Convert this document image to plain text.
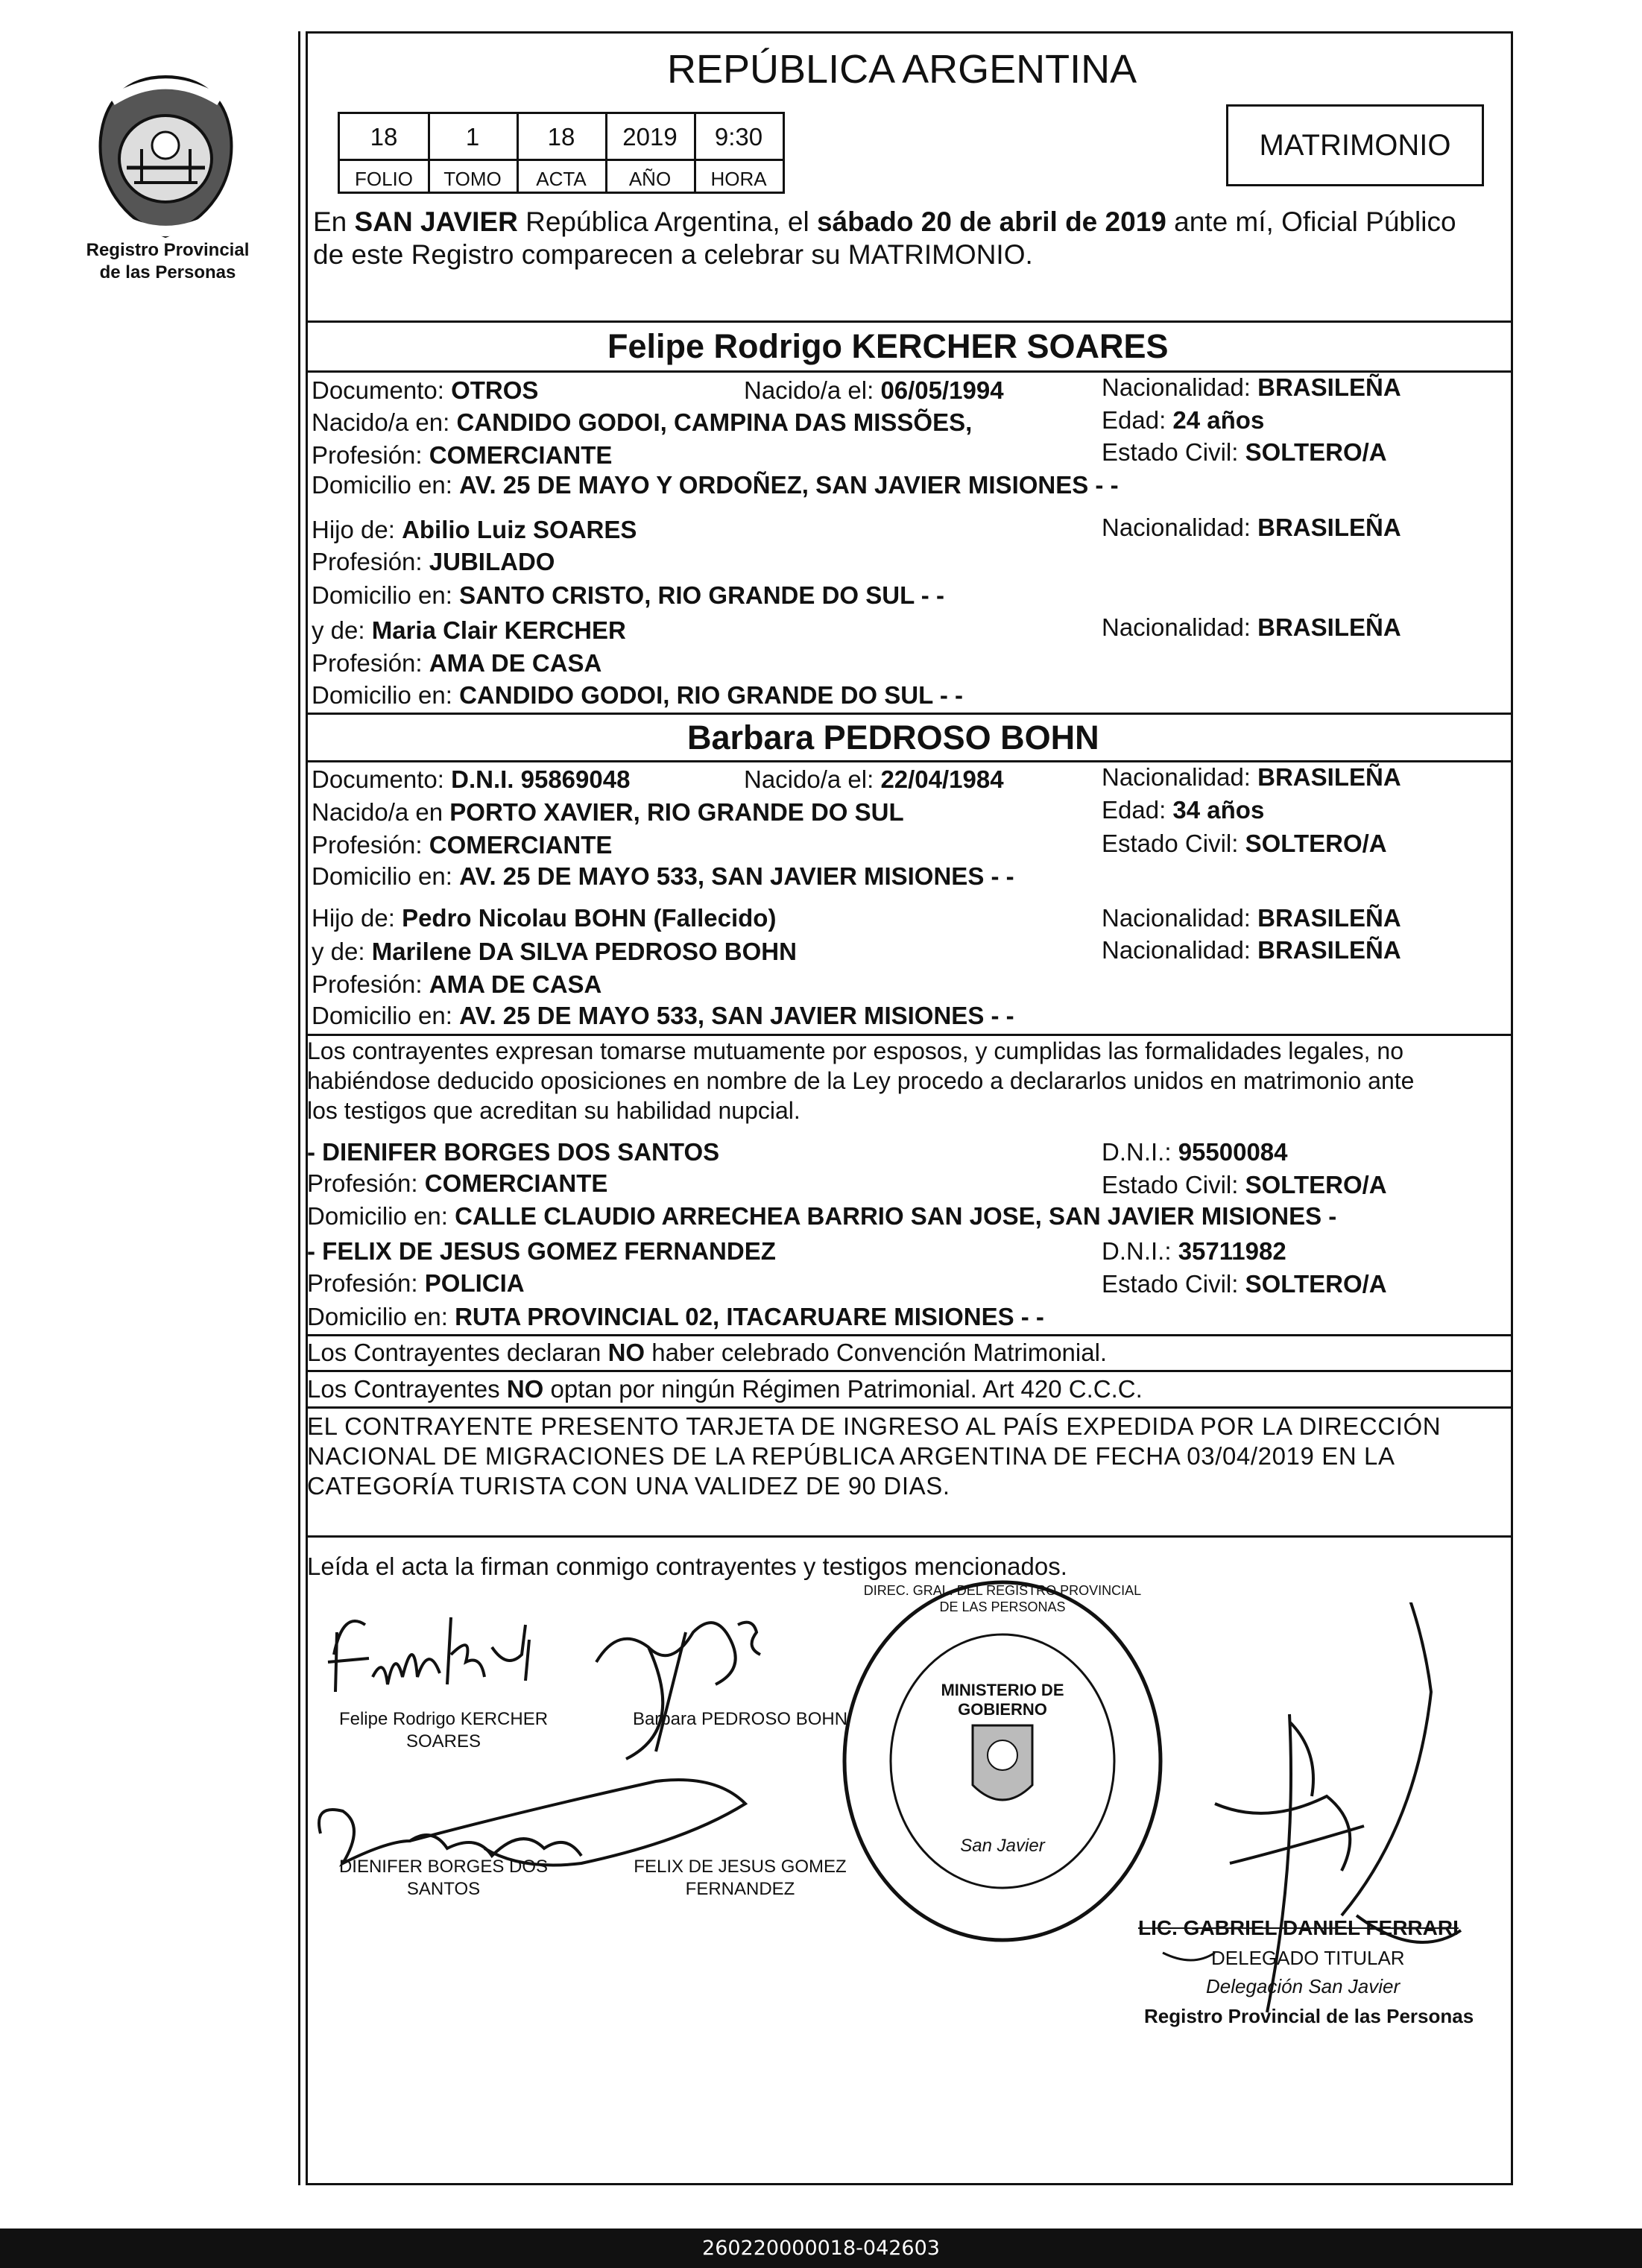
Registro Provincial
de las Personas
REPÚBLICA ARGENTINA
18	1	18	2019	9:30
FOLIO	TOMO	ACTA	AÑO	HORA
MATRIMONIO
En SAN JAVIER República Argentina, el sábado 20 de abril de 2019 ante mí, Oficial Público
de este Registro comparecen a celebrar su MATRIMONIO.
Felipe Rodrigo KERCHER SOARES
Documento: OTROS	Nacido/a el: 06/05/1994	Nacionalidad: BRASILEÑA
Nacido/a en: CANDIDO GODOI, CAMPINA DAS MISSÕES,	Edad: 24 años
Profesión: COMERCIANTE	Estado Civil: SOLTERO/A
Domicilio en: AV. 25 DE MAYO Y ORDOÑEZ, SAN JAVIER MISIONES - -
Hijo de: Abilio Luiz SOARES	Nacionalidad: BRASILEÑA
Profesión: JUBILADO
Domicilio en: SANTO CRISTO, RIO GRANDE DO SUL - -
y de: Maria Clair KERCHER	Nacionalidad: BRASILEÑA
Profesión: AMA DE CASA
Domicilio en: CANDIDO GODOI, RIO GRANDE DO SUL - -
Barbara PEDROSO BOHN
Documento: D.N.I. 95869048	Nacido/a el: 22/04/1984	Nacionalidad: BRASILEÑA
Nacido/a en PORTO XAVIER, RIO GRANDE DO SUL	Edad: 34 años
Profesión: COMERCIANTE	Estado Civil: SOLTERO/A
Domicilio en: AV. 25 DE MAYO 533, SAN JAVIER MISIONES - -
Hijo de: Pedro Nicolau BOHN (Fallecido)	Nacionalidad: BRASILEÑA
y de: Marilene DA SILVA PEDROSO BOHN	Nacionalidad: BRASILEÑA
Profesión: AMA DE CASA
Domicilio en: AV. 25 DE MAYO 533, SAN JAVIER MISIONES - -
Los contrayentes expresan tomarse mutuamente por esposos, y cumplidas las formalidades legales, no
habiéndose deducido oposiciones en nombre de la Ley procedo a declararlos unidos en matrimonio ante
los testigos que acreditan su habilidad nupcial.
- DIENIFER BORGES DOS SANTOS	D.N.I.: 95500084
Profesión: COMERCIANTE	Estado Civil: SOLTERO/A
Domicilio en: CALLE CLAUDIO ARRECHEA BARRIO SAN JOSE, SAN JAVIER MISIONES -
- FELIX DE JESUS GOMEZ FERNANDEZ	D.N.I.: 35711982
Profesión: POLICIA	Estado Civil: SOLTERO/A
Domicilio en: RUTA PROVINCIAL 02, ITACARUARE MISIONES - -
Los Contrayentes declaran NO haber celebrado Convención Matrimonial.
Los Contrayentes NO optan por ningún Régimen Patrimonial. Art 420 C.C.C.
EL CONTRAYENTE PRESENTO TARJETA DE INGRESO AL PAÍS EXPEDIDA POR LA DIRECCIÓN
NACIONAL DE MIGRACIONES DE LA REPÚBLICA ARGENTINA DE FECHA 03/04/2019 EN LA
CATEGORÍA TURISTA CON UNA VALIDEZ DE 90 DIAS.
Leída el acta la firman conmigo contrayentes y testigos mencionados.
DIREC. GRAL. DEL REGISTRO PROVINCIAL DE LAS PERSONAS
MINISTERIO DE GOBIERNO
San Javier
Felipe Rodrigo KERCHER
SOARES
Barbara PEDROSO BOHN
DIENIFER BORGES DOS
SANTOS
FELIX DE JESUS GOMEZ
FERNANDEZ
LIC. GABRIEL DANIEL FERRARI
DELEGADO TITULAR
Delegación San Javier
Registro Provincial de las Personas
260220000018-042603
